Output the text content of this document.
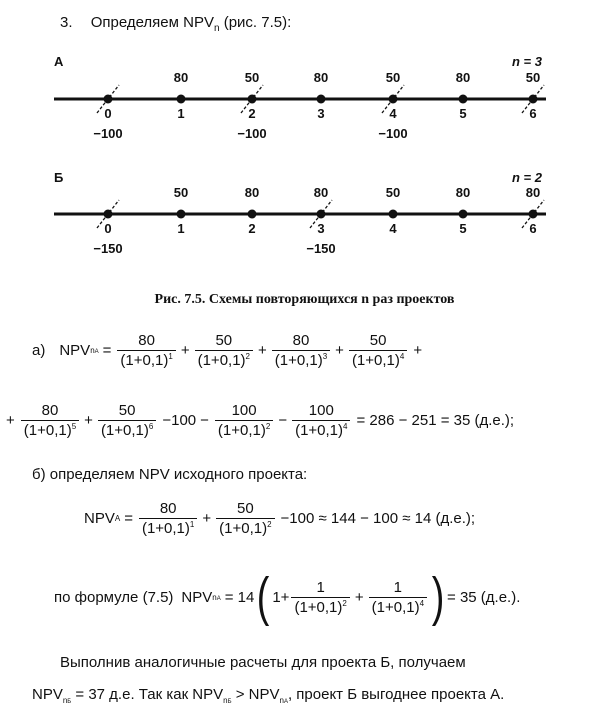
3. Определяем $NPV_n$ (рис. 7.5):
А	n = 3
0
−100
80
1
50
2
−100
80
3
50
4
−100
80
5
50
6
Б	n = 2
0
−150
50
1
80
2
80
3
−150
50
4
80
5
80
6
Рис. 7.5. Схемы повторяющихся n раз проектов
а) NPV nA = $\frac{80}{(1+0,1)^1} + \frac{50}{(1+0,1)^2} + \frac{80}{(1+0,1)^3} + \frac{50}{(1+0,1)^4}$ +
+ $\frac{80}{(1+0,1)^5} + \frac{50}{(1+0,1)^6} -100 - \frac{100}{(1+0,1)^2} - \frac{100}{(1+0,1)^4} = 286 - 251 = 35$ (д.е.);
б) определяем NPV исходного проекта:
NPV $A = \frac{80}{(1+0,1)^1} + \frac{50}{(1+0,1)^2} -100 \approx 144 - 100 \approx 14$ (д.е.);
по формуле (7.5) NPV nA = 14 ( $1+ \frac{1}{(1+0,1)^2} + \frac{1}{(1+0,1)^4}$ ) = 35 (д.е.).
Выполнив аналогичные расчеты для проекта Б, получаем
$NPV_{nБ} = 37$ д.е. Так как $NPV_{nБ} > NPV_{nA}$, проект Б выгоднее проекта А.
